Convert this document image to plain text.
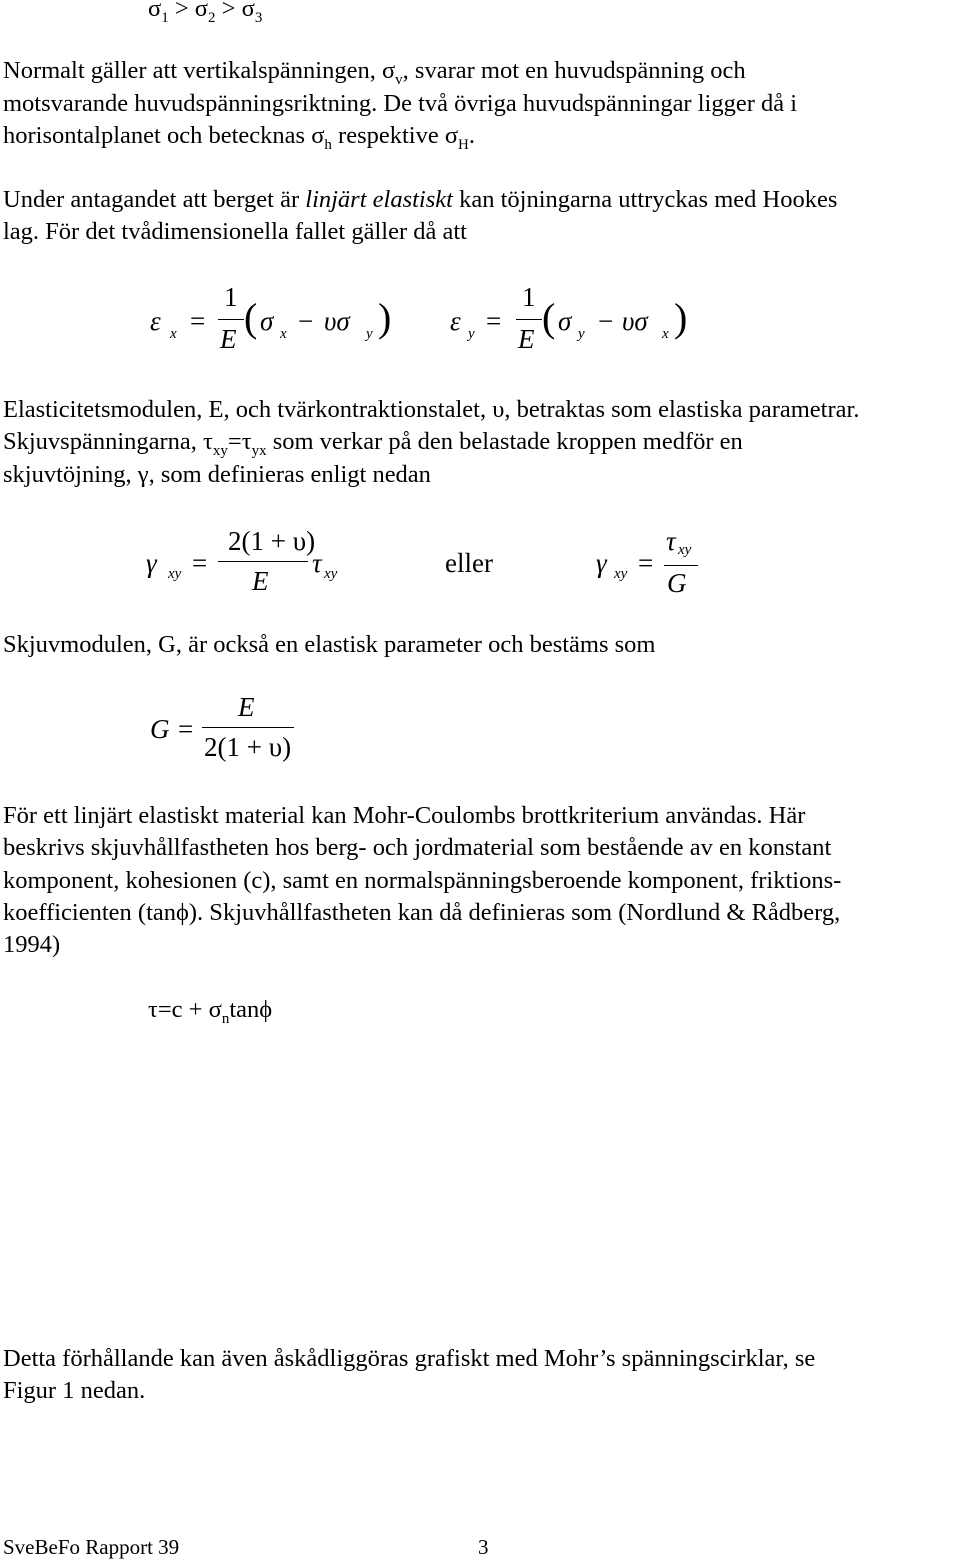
$\sigma_1 > \sigma_2 > \sigma_3$
Normalt gäller att vertikalspänningen, $\sigma_v$, svarar mot en huvudspänning och
motsvarande huvudspänningsriktning. De två övriga huvudspänningar ligger då i
horisontalplanet och betecknas $\sigma_h$ respektive $\sigma_H$.
Under antagandet att berget är linjärt elastiskt kan töjningarna uttryckas med Hookes
lag. För det tvådimensionella fallet gäller då att
ε x =
1
E ( σ x − υσ y ) ε y =
1
E ( σ y − υσ x )
Elasticitetsmodulen, E, och tvärkontraktionstalet, υ, betraktas som elastiska parametrar.
Skjuvspänningarna, $\tau_{xy}=\tau_{yx}$ som verkar på den belastade kroppen medför en
skjuvtöjning, γ, som definieras enligt nedan
γ xy =
2(1 + υ)
E
τ xy	eller	γ xy =
τ xy
G
Skjuvmodulen, G, är också en elastisk parameter och bestäms som
G =
E
2(1 + υ)
För ett linjärt elastiskt material kan Mohr-Coulombs brottkriterium användas. Här
beskrivs skjuvhållfastheten hos berg- och jordmaterial som bestående av en konstant
komponent, kohesionen (c), samt en normalspänningsberoende komponent, friktions-
koefficienten (tanϕ). Skjuvhållfastheten kan då definieras som (Nordlund & Rådberg,
1994)
$\tau=c + \sigma_n\tan\phi$
Detta förhållande kan även åskådliggöras grafiskt med Mohr’s spänningscirklar, se
Figur 1 nedan.
SveBeFo Rapport 39	3
